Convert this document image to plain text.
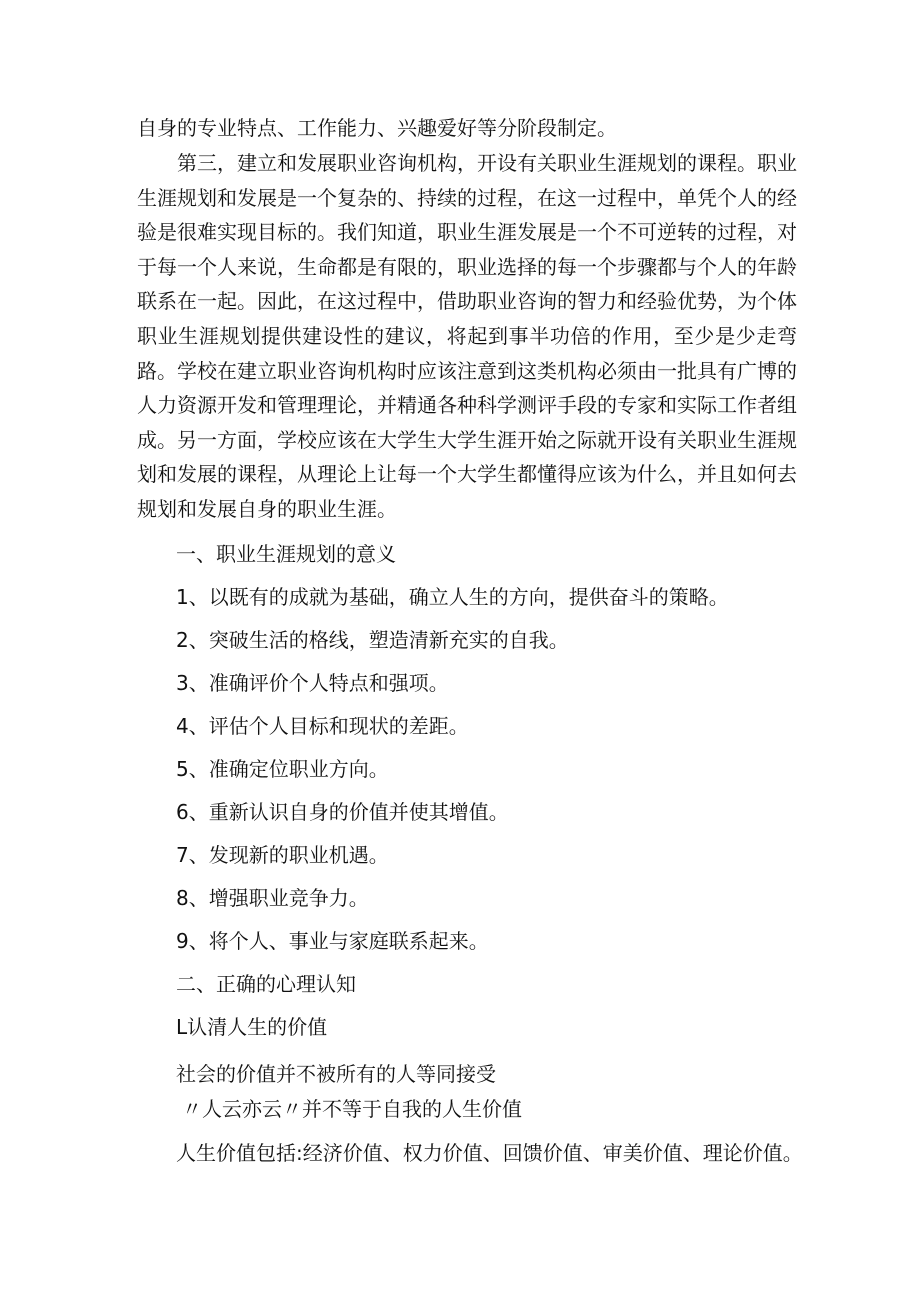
自身的专业特点、工作能力、兴趣爱好等分阶段制定。

第三，建立和发展职业咨询机构，开设有关职业生涯规划的课程。职业生涯规划和发展是一个复杂的、持续的过程，在这一过程中，单凭个人的经验是很难实现目标的。我们知道，职业生涯发展是一个不可逆转的过程，对于每一个人来说，生命都是有限的，职业选择的每一个步骤都与个人的年龄联系在一起。因此，在这过程中，借助职业咨询的智力和经验优势，为个体职业生涯规划提供建设性的建议，将起到事半功倍的作用，至少是少走弯路。学校在建立职业咨询机构时应该注意到这类机构必须由一批具有广博的人力资源开发和管理理论，并精通各种科学测评手段的专家和实际工作者组成。另一方面，学校应该在大学生大学生涯开始之际就开设有关职业生涯规划和发展的课程，从理论上让每一个大学生都懂得应该为什么，并且如何去规划和发展自身的职业生涯。

一、职业生涯规划的意义

1、以既有的成就为基础，确立人生的方向，提供奋斗的策略。

2、突破生活的格线，塑造清新充实的自我。

3、准确评价个人特点和强项。

4、评估个人目标和现状的差距。

5、准确定位职业方向。

6、重新认识自身的价值并使其增值。

7、发现新的职业机遇。

8、增强职业竞争力。

9、将个人、事业与家庭联系起来。

二、正确的心理认知

L认清人生的价值

社会的价值并不被所有的人等同接受

〃人云亦云〃并不等于自我的人生价值

人生价值包括:经济价值、权力价值、回馈价值、审美价值、理论价值。
